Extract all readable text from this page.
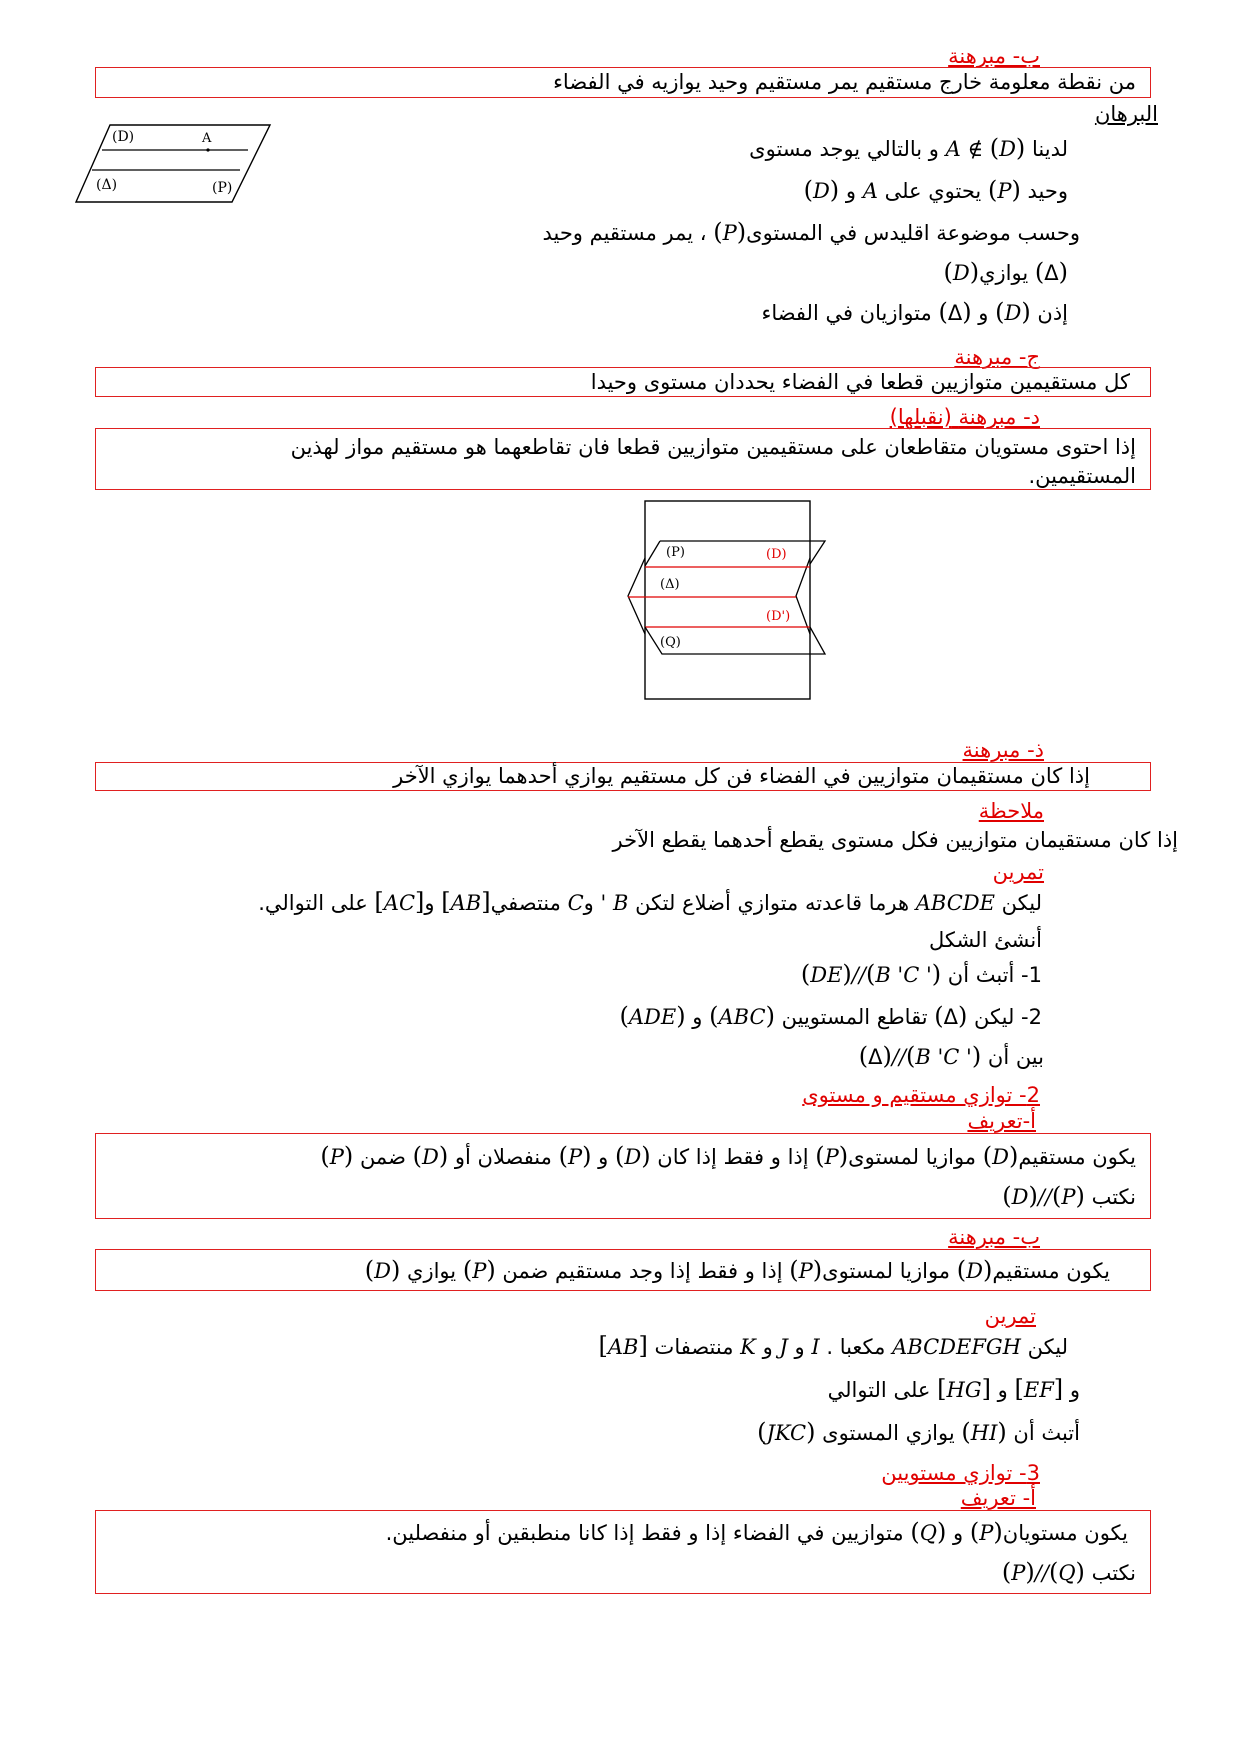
ب- مبرهنة
من نقطة معلومة خارج مستقيم يمر مستقيم وحيد يوازيه في الفضاء
البرهان
لدينا (D) A ∉ و بالتالي يوجد مستوى
وحيد (P) يحتوي على A و (D)
وحسب موضوعة اقليدس في المستوى(P) ، يمر مستقيم وحيد
(Δ) يوازي(D)
إذن (D) و (Δ) متوازيان في الفضاء
(D)	A
(Δ)	(P)
ج- مبرهنة
كل مستقيمين متوازيين قطعا في الفضاء يحددان مستوى وحيدا
د- مبرهنة (نقبلها)
إذا احتوى مستويان متقاطعان على مستقيمين متوازيين قطعا فان تقاطعهما هو مستقيم مواز لهذين
المستقيمين.
(P)	(D)
(Δ)
(D')
(Q)
ذ- مبرهنة
إذا كان مستقيمان متوازيين في الفضاء فن كل مستقيم يوازي أحدهما يوازي الآخر
ملاحظة
إذا كان مستقيمان متوازيين فكل مستوى يقطع أحدهما يقطع الآخر
تمرين
ليكن ABCDE هرما قاعدته متوازي أضلاع لتكن B ' وC منتصفي[AB] و[AC] على التوالي.
أنشئ الشكل
1- أتبث أن (DE)//(B 'C ')
2- ليكن (Δ) تقاطع المستويين (ABC) و (ADE)
بين أن (Δ)//(B 'C ')
2- توازي مستقيم و مستوى
أ-تعريف
يكون مستقيم(D) موازيا لمستوى(P) إذا و فقط إذا كان (D) و (P) منفصلان أو (D) ضمن (P)
نكتب (D)//(P)
ب- مبرهنة
يكون مستقيم(D) موازيا لمستوى(P) إذا و فقط إذا وجد مستقيم ضمن (P) يوازي (D)
تمرين
ليكن ABCDEFGH مكعبا . I و J و K منتصفات [AB]
و [EF] و [HG] على التوالي
أتبث أن (HI) يوازي المستوى (JKC)
3- توازي مستويين
أ- تعريف
يكون مستويان(P) و (Q) متوازيين في الفضاء إذا و فقط إذا كانا منطبقين أو منفصلين.
نكتب (P)//(Q)
